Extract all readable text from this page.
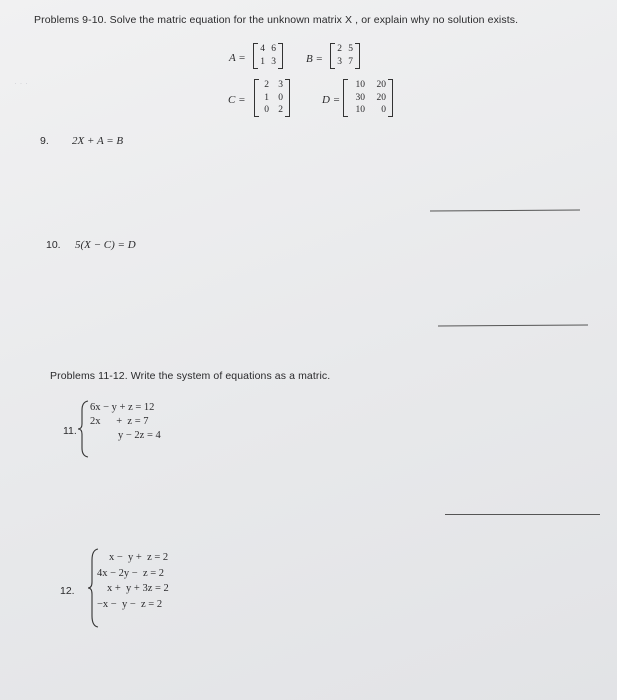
· · ·
Problems 9-10. Solve the matric equation for the unknown matrix X , or explain why no solution exists.
A =
4 6
1 3	B =
2 5
3 7
C =
2 3
1 0
0 2
D =
10	20
30	20
10	0
9. 2X + A = B
10. 5(X − C) = D
Problems 11-12. Write the system of equations as a matric.
11.
6x − y + z = 12
2x      +  z = 7
y − 2z = 4
12.
x −  y +  z = 2
4x − 2y −  z = 2
x +  y + 3z = 2
−x −  y −  z = 2
